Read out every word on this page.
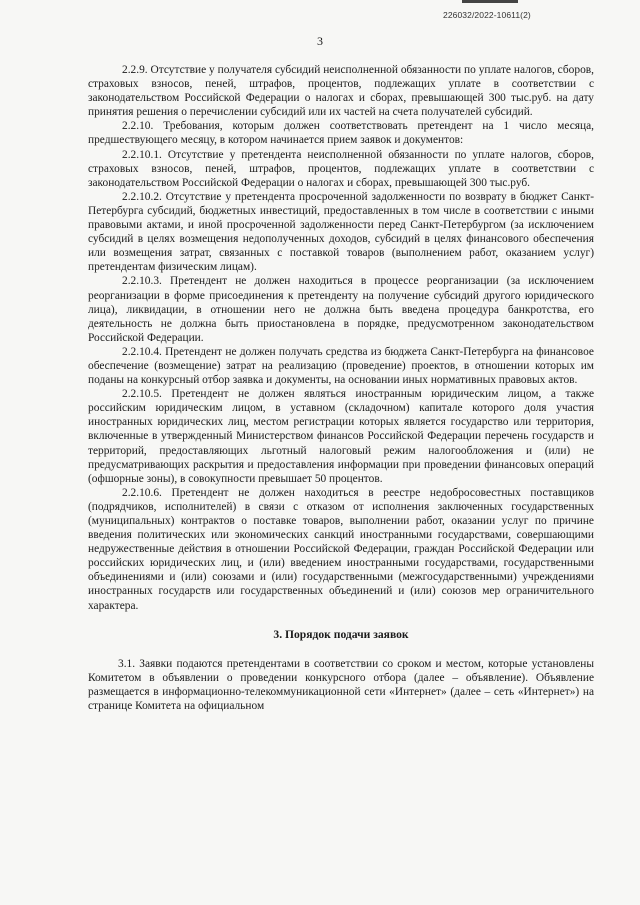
226032/2022-10611(2)
3

2.2.9. Отсутствие у получателя субсидий неисполненной обязанности по уплате налогов, сборов, страховых взносов, пеней, штрафов, процентов, подлежащих уплате в соответствии с законодательством Российской Федерации о налогах и сборах, превышающей 300 тыс.руб. на дату принятия решения о перечислении субсидий или их частей на счета получателей субсидий.

2.2.10. Требования, которым должен соответствовать претендент на 1 число месяца, предшествующего месяцу, в котором начинается прием заявок и документов:

2.2.10.1. Отсутствие у претендента неисполненной обязанности по уплате налогов, сборов, страховых взносов, пеней, штрафов, процентов, подлежащих уплате в соответствии с законодательством Российской Федерации о налогах и сборах, превышающей 300 тыс.руб.

2.2.10.2. Отсутствие у претендента просроченной задолженности по возврату в бюджет Санкт-Петербурга субсидий, бюджетных инвестиций, предоставленных в том числе в соответствии с иными правовыми актами, и иной просроченной задолженности перед Санкт-Петербургом (за исключением субсидий в целях возмещения недополученных доходов, субсидий в целях финансового обеспечения или возмещения затрат, связанных с поставкой товаров (выполнением работ, оказанием услуг) претендентам физическим лицам).

2.2.10.3. Претендент не должен находиться в процессе реорганизации (за исключением реорганизации в форме присоединения к претенденту на получение субсидий другого юридического лица), ликвидации, в отношении него не должна быть введена процедура банкротства, его деятельность не должна быть приостановлена в порядке, предусмотренном законодательством Российской Федерации.

2.2.10.4. Претендент не должен получать средства из бюджета Санкт-Петербурга на финансовое обеспечение (возмещение) затрат на реализацию (проведение) проектов, в отношении которых им поданы на конкурсный отбор заявка и документы, на основании иных нормативных правовых актов.

2.2.10.5. Претендент не должен являться иностранным юридическим лицом, а также российским юридическим лицом, в уставном (складочном) капитале которого доля участия иностранных юридических лиц, местом регистрации которых является государство или территория, включенные в утвержденный Министерством финансов Российской Федерации перечень государств и территорий, предоставляющих льготный налоговый режим налогообложения и (или) не предусматривающих раскрытия и предоставления информации при проведении финансовых операций (офшорные зоны), в совокупности превышает 50 процентов.

2.2.10.6. Претендент не должен находиться в реестре недобросовестных поставщиков (подрядчиков, исполнителей) в связи с отказом от исполнения заключенных государственных (муниципальных) контрактов о поставке товаров, выполнении работ, оказании услуг по причине введения политических или экономических санкций иностранными государствами, совершающими недружественные действия в отношении Российской Федерации, граждан Российской Федерации или российских юридических лиц, и (или) введением иностранными государствами, государственными объединениями и (или) союзами и (или) государственными (межгосударственными) учреждениями иностранных государств или государственных объединений и (или) союзов мер ограничительного характера.

3. Порядок подачи заявок

3.1. Заявки подаются претендентами в соответствии со сроком и местом, которые установлены Комитетом в объявлении о проведении конкурсного отбора (далее – объявление). Объявление размещается в информационно-телекоммуникационной сети «Интернет» (далее – сеть «Интернет») на странице Комитета на официальном
